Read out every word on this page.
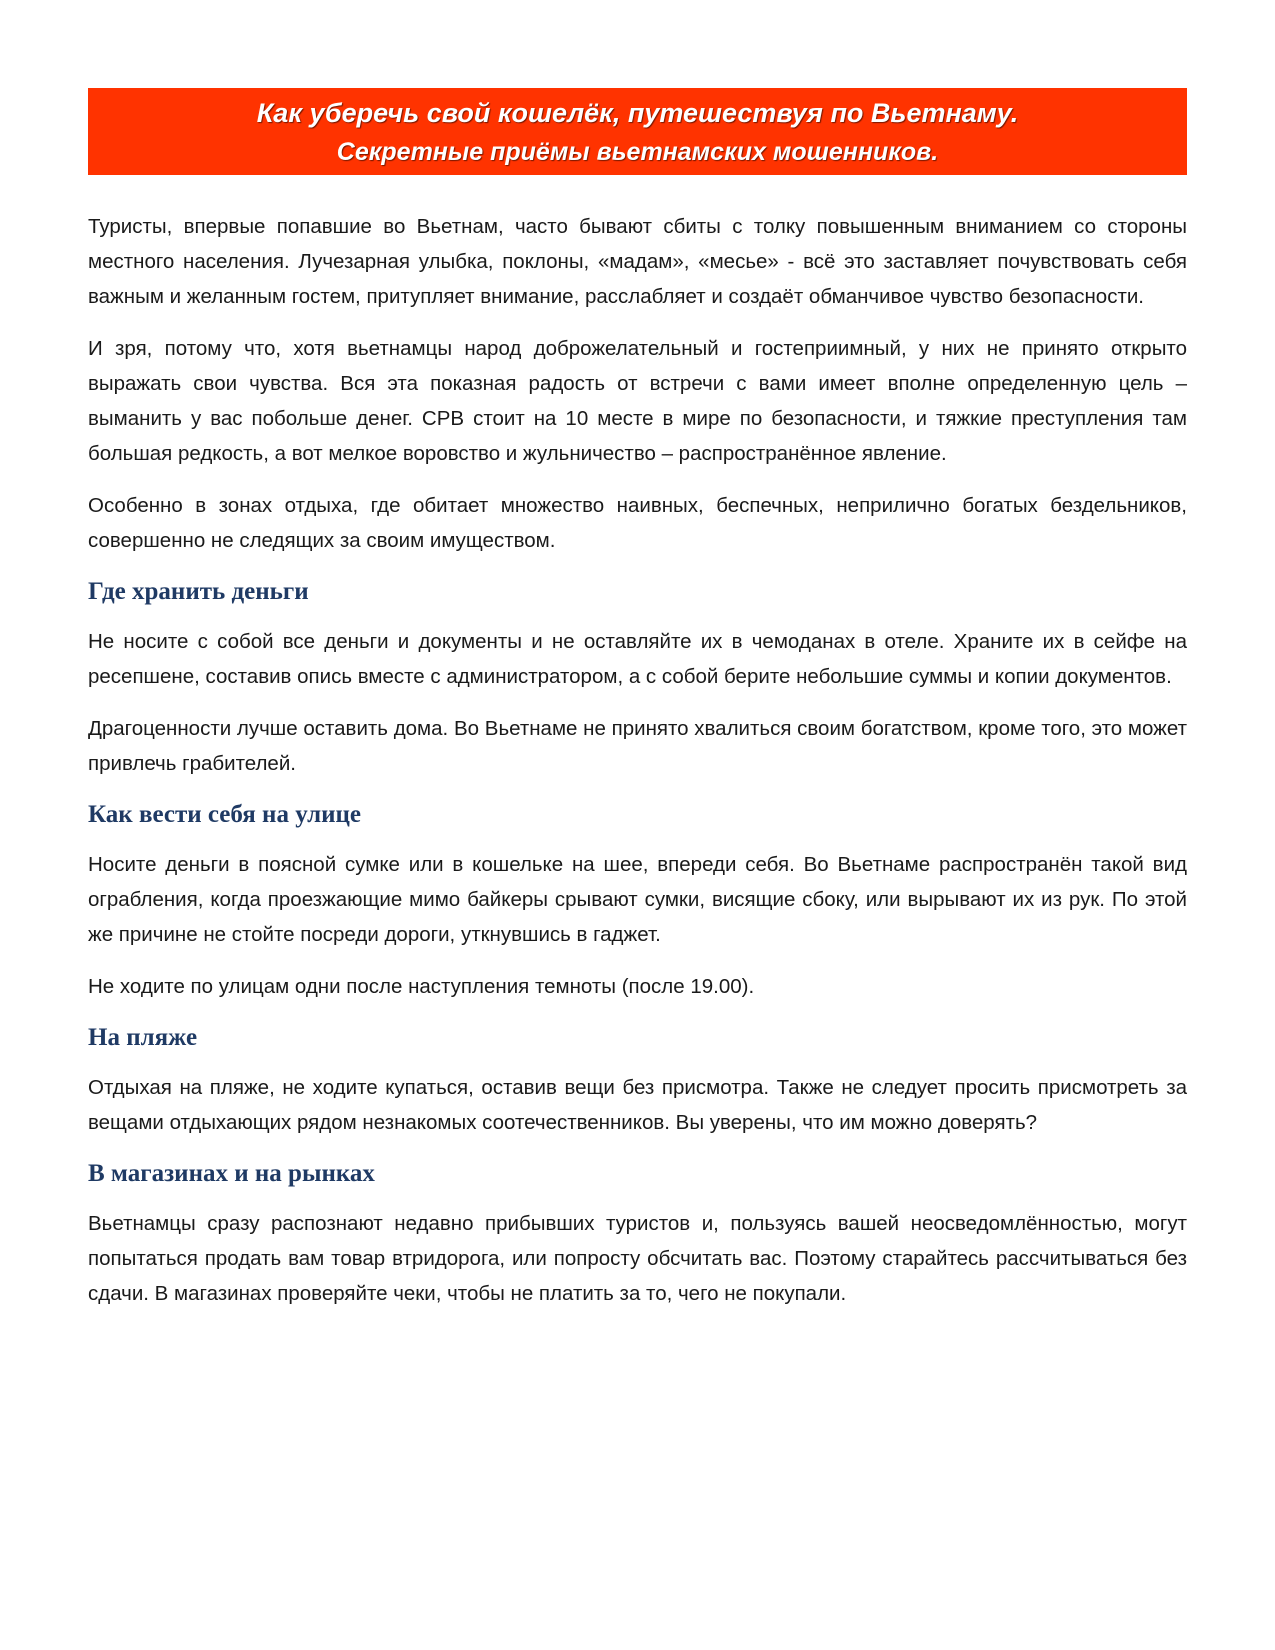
Как уберечь свой кошелёк, путешествуя по Вьетнаму.
Секретные приёмы вьетнамских мошенников.

Туристы, впервые попавшие во Вьетнам, часто бывают сбиты с толку повышенным вниманием со стороны местного населения. Лучезарная улыбка, поклоны, «мадам», «месье» - всё это заставляет почувствовать себя важным и желанным гостем, притупляет внимание, расслабляет и создаёт обманчивое чувство безопасности.

И зря, потому что, хотя вьетнамцы народ доброжелательный и гостеприимный, у них не принято открыто выражать свои чувства. Вся эта показная радость от встречи с вами имеет вполне определенную цель – выманить у вас побольше денег. СРВ стоит на 10 месте в мире по безопасности, и тяжкие преступления там большая редкость, а вот мелкое воровство и жульничество – распространённое явление.

Особенно в зонах отдыха, где обитает множество наивных, беспечных, неприлично богатых бездельников, совершенно не следящих за своим имуществом.

Где хранить деньги

Не носите с собой все деньги и документы и не оставляйте их в чемоданах в отеле. Храните их в сейфе на ресепшене, составив опись вместе с администратором, а с собой берите небольшие суммы и копии документов.

Драгоценности лучше оставить дома. Во Вьетнаме не принято хвалиться своим богатством, кроме того, это может привлечь грабителей.

Как вести себя на улице

Носите деньги в поясной сумке или в кошельке на шее, впереди себя. Во Вьетнаме распространён такой вид ограбления, когда проезжающие мимо байкеры срывают сумки, висящие сбоку, или вырывают их из рук. По этой же причине не стойте посреди дороги, уткнувшись в гаджет.

Не ходите по улицам одни после наступления темноты (после 19.00).

На пляже

Отдыхая на пляже, не ходите купаться, оставив вещи без присмотра. Также не следует просить присмотреть за вещами отдыхающих рядом незнакомых соотечественников. Вы уверены, что им можно доверять?

В магазинах и на рынках

Вьетнамцы сразу распознают недавно прибывших туристов и, пользуясь вашей неосведомлённостью, могут попытаться продать вам товар втридорога, или попросту обсчитать вас. Поэтому старайтесь рассчитываться без сдачи. В магазинах проверяйте чеки, чтобы не платить за то, чего не покупали.
